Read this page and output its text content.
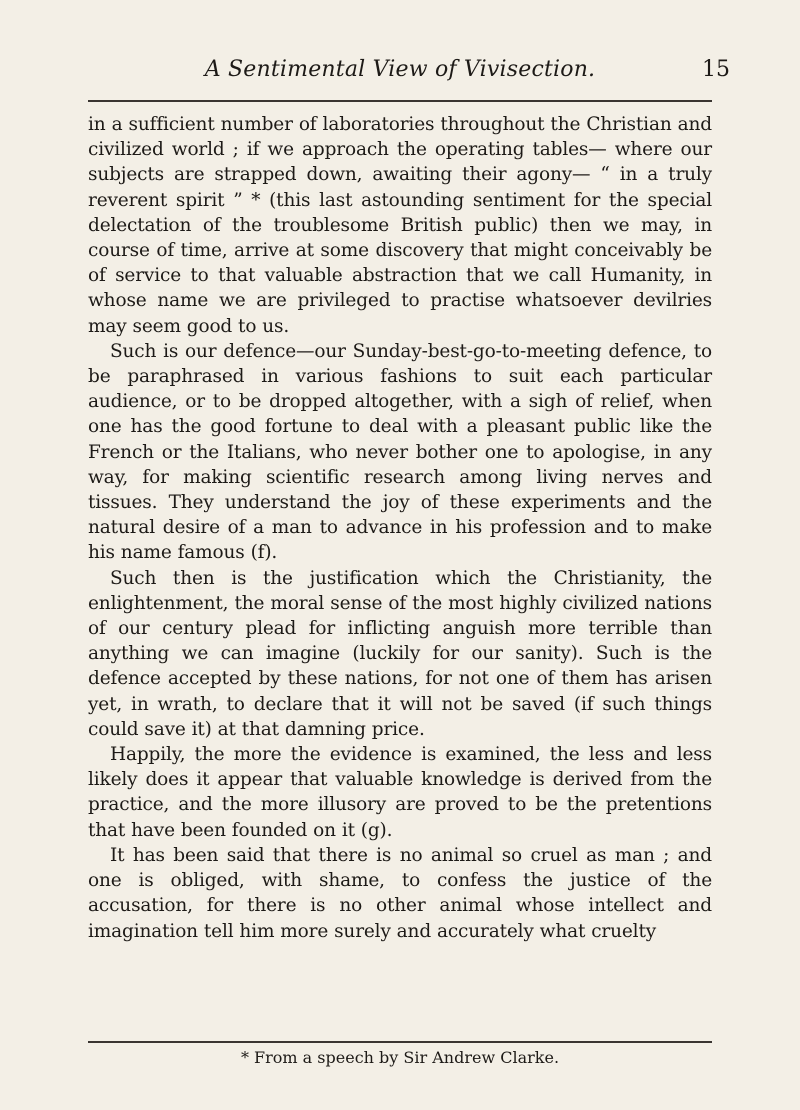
A Sentimental View of Vivisection.	15

in a sufficient number of laboratories throughout the Christian and civilized world ; if we approach the operating tables— where our subjects are strapped down, awaiting their agony— “ in a truly reverent spirit ” * (this last astounding sentiment for the special delectation of the troublesome British public) then we may, in course of time, arrive at some discovery that might conceivably be of service to that valuable abstraction that we call Humanity, in whose name we are privileged to practise whatsoever devilries may seem good to us.

Such is our defence—our Sunday-best-go-to-meeting defence, to be paraphrased in various fashions to suit each particular audience, or to be dropped altogether, with a sigh of relief, when one has the good fortune to deal with a pleasant public like the French or the Italians, who never bother one to apologise, in any way, for making scientific research among living nerves and tissues. They understand the joy of these experiments and the natural desire of a man to advance in his profession and to make his name famous (f).

Such then is the justification which the Christianity, the enlightenment, the moral sense of the most highly civilized nations of our century plead for inflicting anguish more terrible than anything we can imagine (luckily for our sanity). Such is the defence accepted by these nations, for not one of them has arisen yet, in wrath, to declare that it will not be saved (if such things could save it) at that damning price.

Happily, the more the evidence is examined, the less and less likely does it appear that valuable knowledge is derived from the practice, and the more illusory are proved to be the pretentions that have been founded on it (g).

It has been said that there is no animal so cruel as man ; and one is obliged, with shame, to confess the justice of the accusation, for there is no other animal whose intellect and imagination tell him more surely and accurately what cruelty

* From a speech by Sir Andrew Clarke.
